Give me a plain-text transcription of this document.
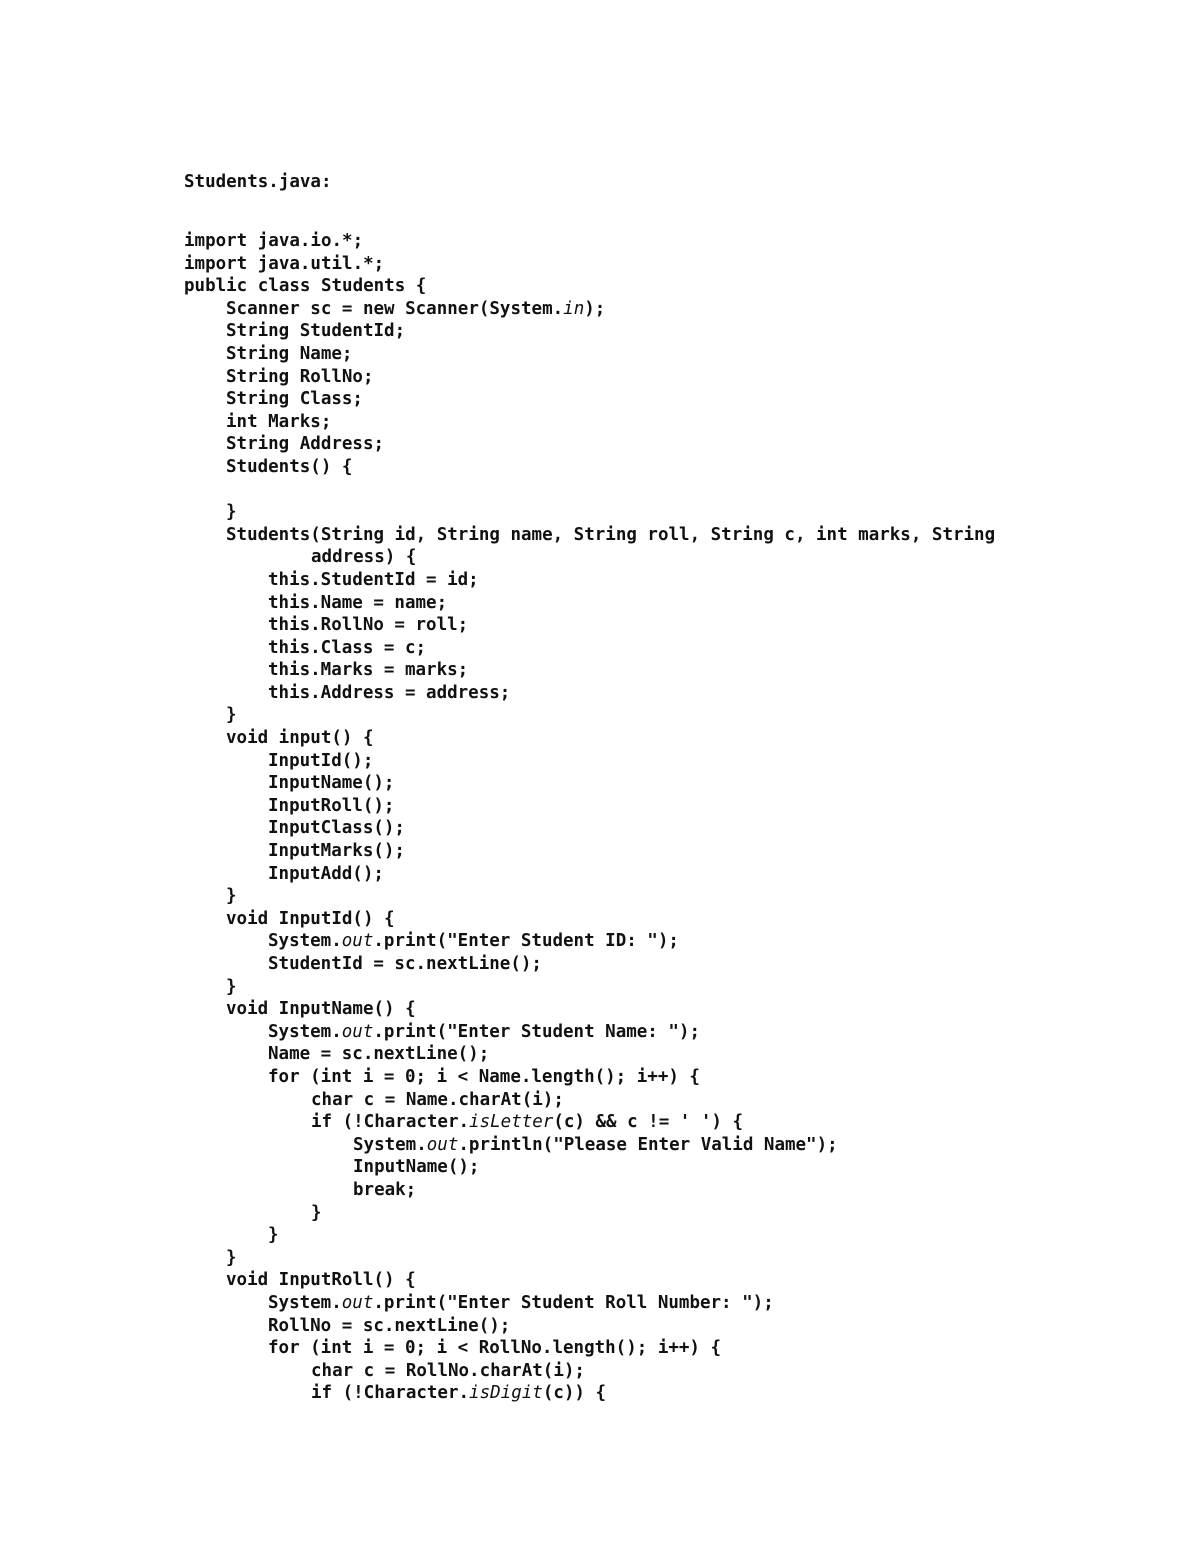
Students.java:
import java.io.*;
import java.util.*;
public class Students {
Scanner sc = new Scanner(System.in);
String StudentId;
String Name;
String RollNo;
String Class;
int Marks;
String Address;
Students() {
}
Students(String id, String name, String roll, String c, int marks, String
address) {
this.StudentId = id;
this.Name = name;
this.RollNo = roll;
this.Class = c;
this.Marks = marks;
this.Address = address;
}
void input() {
InputId();
InputName();
InputRoll();
InputClass();
InputMarks();
InputAdd();
}
void InputId() {
System.out.print("Enter Student ID: ");
StudentId = sc.nextLine();
}
void InputName() {
System.out.print("Enter Student Name: ");
Name = sc.nextLine();
for (int i = 0; i < Name.length(); i++) {
char c = Name.charAt(i);
if (!Character.isLetter(c) && c != ' ') {
System.out.println("Please Enter Valid Name");
InputName();
break;
}
}
}
void InputRoll() {
System.out.print("Enter Student Roll Number: ");
RollNo = sc.nextLine();
for (int i = 0; i < RollNo.length(); i++) {
char c = RollNo.charAt(i);
if (!Character.isDigit(c)) {
